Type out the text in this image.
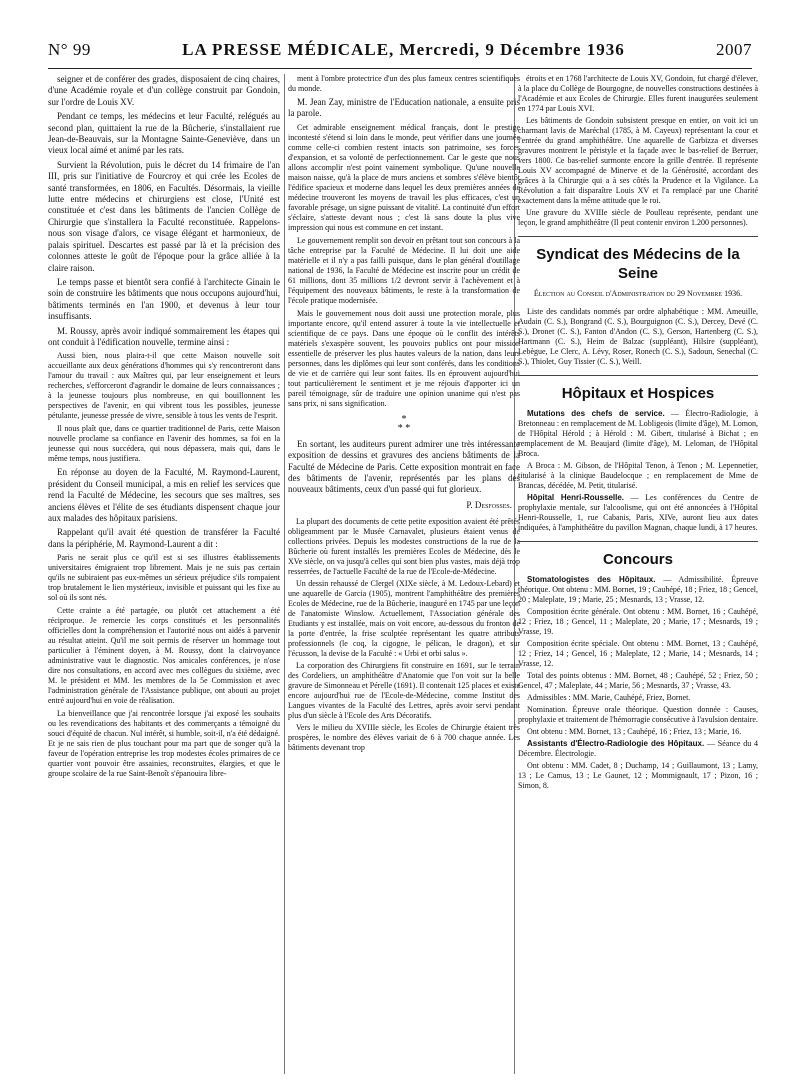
N° 99	LA PRESSE MÉDICALE, Mercredi, 9 Décembre 1936	2007

seigner et de conférer des grades, disposaient de cinq chaires, d'une Académie royale et d'un collège construit par Gondoin, sur l'ordre de Louis XV.

Pendant ce temps, les médecins et leur Faculté, relégués au second plan, quittaient la rue de la Bûcherie, s'installaient rue Jean-de-Beauvais, sur la Montagne Sainte-Geneviève, dans un vieux local aimé et animé par les rats.

Survient la Révolution, puis le décret du 14 frimaire de l'an III, pris sur l'initiative de Fourcroy et qui crée les Ecoles de santé transformées, en 1806, en Facultés. Désormais, la vieille lutte entre médecins et chirurgiens est close, l'Unité est constituée et c'est dans les bâtiments de l'ancien Collège de Chirurgie que s'installera la Faculté reconstituée. Rappelons-nous son visage d'alors, ce visage élégant et harmonieux, de palais spirituel. Descartes est passé par là et la précision des colonnes atteste le goût de l'époque pour la grâce alliée à la claire raison.

Le temps passe et bientôt sera confié à l'architecte Ginain le soin de construire les bâtiments que nous occupons aujourd'hui, bâtiments terminés en l'an 1900, et devenus à leur tour insuffisants.

M. Roussy, après avoir indiqué sommairement les étapes qui ont conduit à l'édification nouvelle, termine ainsi :

Aussi bien, nous plaira-t-il que cette Maison nouvelle soit accueillante aux deux générations d'hommes qui s'y rencontreront dans l'amour du travail : aux Maîtres qui, par leur enseignement et leurs recherches, s'efforceront d'agrandir le domaine de leurs connaissances ; à la jeunesse toujours plus nombreuse, en qui bouillonnent les perspectives de l'avenir, en qui vibrent tous les possibles, jeunesse pétulante, jeunesse pressée de vivre, sensible à tous les vents de l'esprit.

Il nous plaît que, dans ce quartier traditionnel de Paris, cette Maison nouvelle proclame sa confiance en l'avenir des hommes, sa foi en la jeunesse qui nous succédera, qui nous dépassera, mais qui, dans le même temps, nous justifiera.

En réponse au doyen de la Faculté, M. Raymond-Laurent, président du Conseil municipal, a mis en relief les services que rend la Faculté de Médecine, les secours que ses maîtres, ses anciens élèves et l'élite de ses étudiants dispensent chaque jour aux malades des hôpitaux parisiens.

Rappelant qu'il avait été question de transférer la Faculté dans la périphérie, M. Raymond-Laurent a dit :

Paris ne serait plus ce qu'il est si ses illustres établissements universitaires émigraient trop librement. Mais je ne suis pas certain qu'ils ne subiraient pas eux-mêmes un sérieux préjudice s'ils rompaient trop brutalement le lien mystérieux, invisible et puissant qui les fixe au sol où ils sont nés.

Cette crainte a été partagée, ou plutôt cet attachement a été réciproque. Je remercie les corps constitués et les personnalités officielles dont la compréhension et l'autorité nous ont aidés à parvenir au résultat atteint. Qu'il me soit permis de réserver un hommage tout particulier à l'éminent doyen, à M. Roussy, dont la clairvoyance administrative vaut le diagnostic. Nos amicales conférences, je n'ose dire nos consultations, en accord avec mes collègues du sixième, avec M. le président et MM. les membres de la 5e Commission et avec l'administration générale de l'Assistance publique, ont abouti au projet entré aujourd'hui en voie de réalisation.

La bienveillance que j'ai rencontrée lorsque j'ai exposé les souhaits ou les revendications des habitants et des commerçants a témoigné du souci d'équité de chacun. Nul intérêt, si humble, soit-il, n'a été dédaigné. Et je ne sais rien de plus touchant pour ma part que de songer qu'à la faveur de l'opération entreprise les trop modestes écoles primaires de ce quartier vont pouvoir être assainies, reconstruites, élargies, et que le groupe scolaire de la rue Saint-Benoît s'épanouira libre-

ment à l'ombre protectrice d'un des plus fameux centres scientifiques du monde.

M. Jean Zay, ministre de l'Education nationale, a ensuite pris la parole.

Cet admirable enseignement médical français, dont le prestige incontesté s'étend si loin dans le monde, peut vérifier dans une journée comme celle-ci combien restent intacts son patrimoine, ses forces d'expansion, et sa volonté de perfectionnement. Car le geste que nous allons accomplir n'est point vainement symbolique. Qu'une nouvelle maison naisse, qu'à la place de murs anciens et sombres s'élève bientôt l'édifice spacieux et moderne dans lequel les deux premières années de médecine trouveront les moyens de travail les plus efficaces, c'est un favorable présage, un signe puissant de vitalité. La continuité d'un effort s'éclaire, s'atteste devant nous ; c'est là sans doute la plus vive impression qui nous est commune en cet instant.

Le gouvernement remplit son devoir en prêtant tout son concours à la tâche entreprise par la Faculté de Médecine. Il lui doit une aide matérielle et il n'y a pas failli puisque, dans le plan général d'outillage national de 1936, la Faculté de Médecine est inscrite pour un crédit de 61 millions, dont 35 millions 1/2 devront servir à l'achèvement et à l'équipement des nouveaux bâtiments, le reste à la transformation de l'école pratique modernisée.

Mais le gouvernement nous doit aussi une protection morale, plus importante encore, qu'il entend assurer à toute la vie intellectuelle et scientifique de ce pays. Dans une époque où le conflit des intérêts matériels s'exaspère souvent, les pouvoirs publics ont pour mission essentielle de préserver les plus hautes valeurs de la nation, dans leurs personnes, dans les diplômes qui leur sont conférés, dans les conditions de vie et de carrière qui leur sont faites. Ils en éprouvent aujourd'hui tout particulièrement le sentiment et je me réjouis d'apporter ici un pareil témoignage, sûr de traduire une opinion unanime qui n'est pas sans prix, ni sans signification.

*
* *

En sortant, les auditeurs purent admirer une très intéressante exposition de dessins et gravures des anciens bâtiments de la Faculté de Médecine de Paris. Cette exposition montrait en face des bâtiments de l'avenir, représentés par les plans des nouveaux bâtiments, ceux d'un passé qui fut glorieux.

P. Desfosses.

La plupart des documents de cette petite exposition avaient été prêtés obligeamment par le Musée Carnavalet, plusieurs étaient venus de collections privées. Depuis les modestes constructions de la rue de la Bûcherie où furent installés les premières Ecoles de Médecine, dès le XVe siècle, on va jusqu'à celles qui sont bien plus vastes, mais déjà trop resserrées, de l'actuelle Faculté de la rue de l'Ecole-de-Médecine.

Un dessin rehaussé de Clergel (XIXe siècle, à M. Ledoux-Lebard) et une aquarelle de Garcia (1905), montrent l'amphithéâtre des premières Ecoles de Médecine, rue de la Bûcherie, inauguré en 1745 par une leçon de l'anatomiste Winslow. Actuellement, l'Association générale des Etudiants y est installée, mais on voit encore, au-dessous du fronton de la porte d'entrée, la frise sculptée représentant les quatre attributs professionnels (le coq, la cigogne, le pélican, le dragon), et sur l'écusson, la devise de la Faculté : « Urbi et orbi salus ».

La corporation des Chirurgiens fit construire en 1691, sur le terrain des Cordeliers, un amphithéâtre d'Anatomie que l'on voit sur la belle gravure de Simonneau et Pérelle (1691). Il contenait 125 places et existe encore aujourd'hui rue de l'Ecole-de-Médecine, comme Institut des Langues vivantes de la Faculté des Lettres, après avoir servi pendant plus d'un siècle à l'Ecole des Arts Décoratifs.

Vers le milieu du XVIIIe siècle, les Ecoles de Chirurgie étaient très prospères, le nombre des élèves variait de 6 à 700 chaque année. Les bâtiments devenant trop

étroits et en 1768 l'architecte de Louis XV, Gondoin, fut chargé d'élever, à la place du Collège de Bourgogne, de nouvelles constructions destinées à l'Académie et aux Ecoles de Chirurgie. Elles furent inaugurées seulement en 1774 par Louis XVI.

Les bâtiments de Gondoin subsistent presque en entier, on voit ici un charmant lavis de Maréchal (1785, à M. Cayeux) représentant la cour et l'entrée du grand amphithéâtre. Une aquarelle de Garbizza et diverses gravures montrent le péristyle et la façade avec le bas-relief de Berruer, vers 1800. Ce bas-relief surmonte encore la grille d'entrée. Il représente Louis XV accompagné de Minerve et de la Générosité, accordant des grâces à la Chirurgie qui a à ses côtés la Prudence et la Vigilance. La Révolution a fait disparaître Louis XV et l'a remplacé par une Charité exactement dans la même attitude que le roi.

Une gravure du XVIIIe siècle de Poulleau représente, pendant une leçon, le grand amphithéâtre (Il peut contenir environ 1.200 personnes).

Syndicat des Médecins de la Seine
Élection au Conseil d'Administration du 29 Novembre 1936.

Liste des candidats nommés par ordre alphabétique : MM. Ameuille, Audain (C. S.), Bongrand (C. S.), Bourguignon (C. S.), Dercey, Devé (C. S.), Dronet (C. S.), Fanton d'Andon (C. S.), Gerson, Hartenberg (C. S.), Hartmann (C. S.), Heim de Balzac (suppléant), Hilsire (suppléant), Lebègue, Le Clerc, A. Lévy, Roser, Ronech (C. S.), Sadoun, Senechal (C. S.), Thiolet, Guy Tissier (C. S.), Weill.

Hôpitaux et Hospices

Mutations des chefs de service. — Électro-Radiologie, à Bretonneau : en remplacement de M. Lobligeois (limite d'âge), M. Lomon, de l'Hôpital Hérold ; à Hérold : M. Gibert, titularisé à Bichat ; en remplacement de M. Beaujard (limite d'âge), M. Leloman, de l'Hôpital Broca.

A Broca : M. Gibson, de l'Hôpital Tenon, à Tenon ; M. Lepennetier, titularisé à la clinique Baudelocque ; en remplacement de Mme de Brancas, décédée, M. Petit, titularisé.

Hôpital Henri-Rousselle. — Les conférences du Centre de prophylaxie mentale, sur l'alcoolisme, qui ont été annoncées à l'Hôpital Henri-Rousselle, 1, rue Cabanis, Paris, XIVe, auront lieu aux dates indiquées, à l'amphithéâtre du pavillon Magnan, chaque lundi, à 17 heures.

Concours

Stomatologistes des Hôpitaux. — Admissibilité. Épreuve théorique. Ont obtenu : MM. Bornet, 19 ; Cauhépé, 18 ; Friez, 18 ; Gencel, 20 ; Maleplate, 19 ; Marie, 25 ; Mesnards, 13 ; Vrasse, 12.

Composition écrite générale. Ont obtenu : MM. Bornet, 16 ; Cauhépé, 12 ; Friez, 18 ; Gencel, 11 ; Maleplate, 20 ; Marie, 17 ; Mesnards, 19 ; Vrasse, 19.

Composition écrite spéciale. Ont obtenu : MM. Bornet, 13 ; Cauhépé, 12 ; Friez, 14 ; Gencel, 16 ; Maleplate, 12 ; Marie, 14 ; Mesnards, 14 ; Vrasse, 12.

Total des points obtenus : MM. Bornet, 48 ; Cauhépé, 52 ; Friez, 50 ; Gencel, 47 ; Maleplate, 44 ; Marie, 56 ; Mesnards, 37 ; Vrasse, 43.

Admissibles : MM. Marie, Cauhépé, Friez, Bornet.

Nomination. Épreuve orale théorique. Question donnée : Causes, prophylaxie et traitement de l'hémorragie consécutive à l'avulsion dentaire.

Ont obtenu : MM. Bornet, 13 ; Cauhépé, 16 ; Friez, 13 ; Marie, 16.

Assistants d'Électro-Radiologie des Hôpitaux. — Séance du 4 Décembre. Électrologie.

Ont obtenu : MM. Cadet, 8 ; Duchamp, 14 ; Guillaumont, 13 ; Lamy, 13 ; Le Camus, 13 ; Le Gaunet, 12 ; Mommignault, 17 ; Pizon, 16 ; Simon, 8.
